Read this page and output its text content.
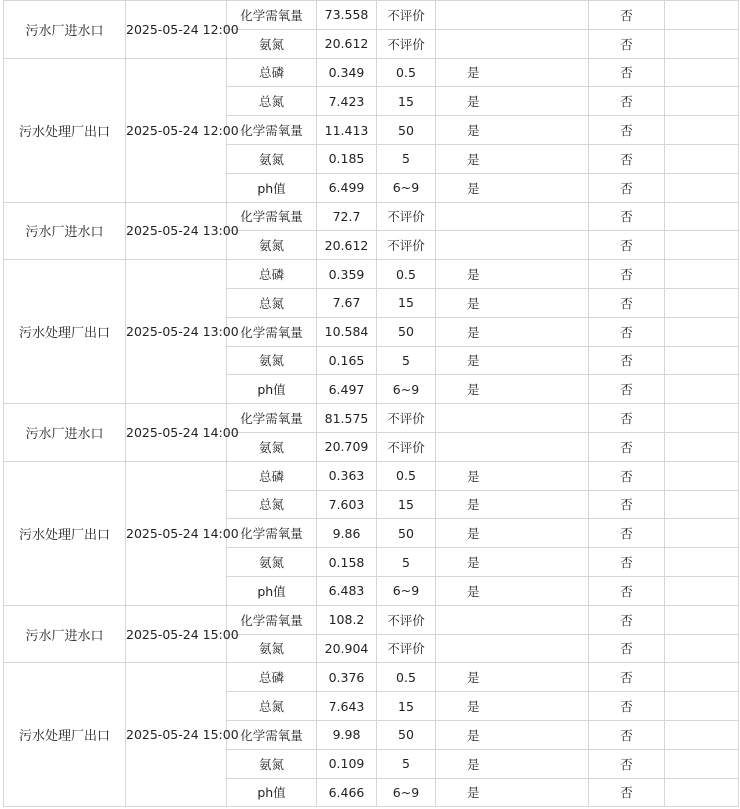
污水厂进水口	2025-05-24 12:00	化学需氧量	73.558	不评价		否		
		氨氮	20.612	不评价		否		
污水处理厂出口	2025-05-24 12:00	总磷	0.349	0.5	是	否		
		总氮	7.423	15	是	否		
		化学需氧量	11.413	50	是	否		
		氨氮	0.185	5	是	否		
		ph值	6.499	6~9	是	否		
污水厂进水口	2025-05-24 13:00	化学需氧量	72.7	不评价		否		
		氨氮	20.612	不评价		否		
污水处理厂出口	2025-05-24 13:00	总磷	0.359	0.5	是	否		
		总氮	7.67	15	是	否		
		化学需氧量	10.584	50	是	否		
		氨氮	0.165	5	是	否		
		ph值	6.497	6~9	是	否		
污水厂进水口	2025-05-24 14:00	化学需氧量	81.575	不评价		否		
		氨氮	20.709	不评价		否		
污水处理厂出口	2025-05-24 14:00	总磷	0.363	0.5	是	否		
		总氮	7.603	15	是	否		
		化学需氧量	9.86	50	是	否		
		氨氮	0.158	5	是	否		
		ph值	6.483	6~9	是	否		
污水厂进水口	2025-05-24 15:00	化学需氧量	108.2	不评价		否		
		氨氮	20.904	不评价		否		
污水处理厂出口	2025-05-24 15:00	总磷	0.376	0.5	是	否		
		总氮	7.643	15	是	否		
		化学需氧量	9.98	50	是	否		
		氨氮	0.109	5	是	否		
		ph值	6.466	6~9	是	否		
